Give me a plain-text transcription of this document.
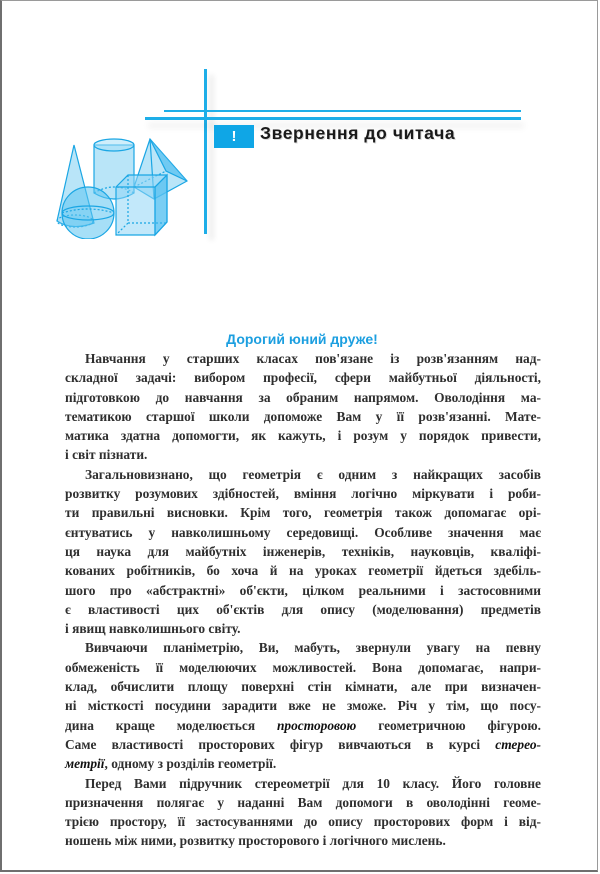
!	Звернення до читача
Дорогий юний друже!
Навчання у старших класах пов'язане із розв'язанням над-
складної задачі: вибором професії, сфери майбутньої діяльності,
підготовкою до навчання за обраним напрямом. Оволодіння ма-
тематикою старшої школи допоможе Вам у її розв'язанні. Мате-
матика здатна допомогти, як кажуть, і розум у порядок привести,
і світ пізнати.
Загальновизнано, що геометрія є одним з найкращих засобів
розвитку розумових здібностей, вміння логічно міркувати і роби-
ти правильні висновки. Крім того, геометрія також допомагає орі-
єнтуватись у навколишньому середовищі. Особливе значення має
ця наука для майбутніх інженерів, техніків, науковців, кваліфі-
кованих робітників, бо хоча й на уроках геометрії йдеться здебіль-
шого про «абстрактні» об'єкти, цілком реальними і застосовними
є властивості цих об'єктів для опису (моделювання) предметів
і явищ навколишнього світу.
Вивчаючи планіметрію, Ви, мабуть, звернули увагу на певну
обмеженість її моделюючих можливостей. Вона допомагає, напри-
клад, обчислити площу поверхні стін кімнати, але при визначен-
ні місткості посудини зарадити вже не зможе. Річ у тім, що посу-
дина краще моделюється просторовою геометричною фігурою.
Саме властивості просторових фігур вивчаються в курсі стерео-
метрії, одному з розділів геометрії.
Перед Вами підручник стереометрії для 10 класу. Його головне
призначення полягає у наданні Вам допомоги в оволодінні геоме-
трією простору, її застосуваннями до опису просторових форм і від-
ношень між ними, розвитку просторового і логічного мислень.
